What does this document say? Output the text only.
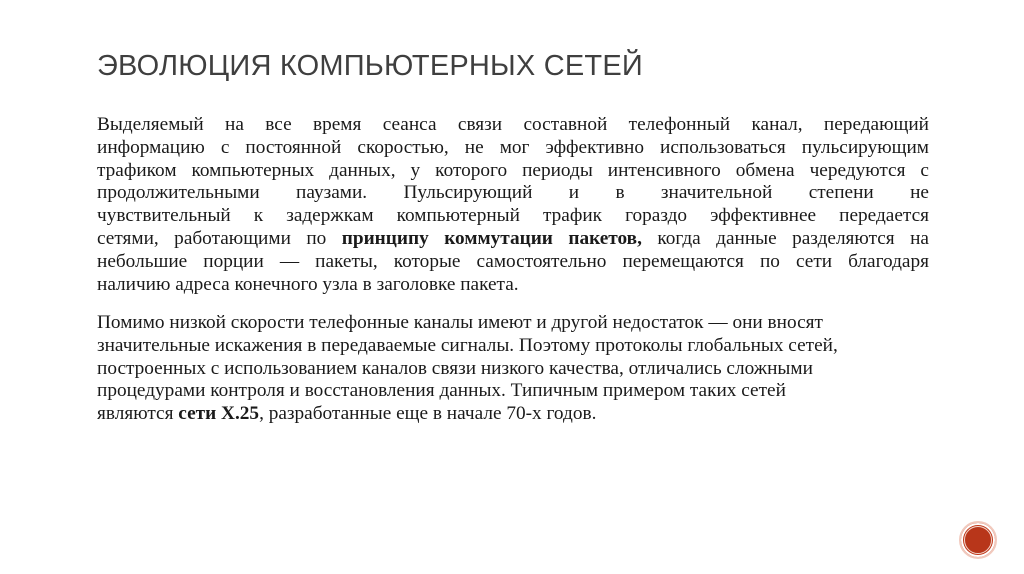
ЭВОЛЮЦИЯ КОМПЬЮТЕРНЫХ СЕТЕЙ
Выделяемый на все время сеанса связи составной телефонный канал, передающий
информацию с постоянной скоростью, не мог эффективно использоваться пульсирующим
трафиком компьютерных данных, у которого периоды интенсивного обмена чередуются с
продолжительными паузами. Пульсирующий и в значительной степени не
чувствительный к задержкам компьютерный трафик гораздо эффективнее передается
сетями, работающими по принципу коммутации пакетов, когда данные разделяются на
небольшие порции — пакеты, которые самостоятельно перемещаются по сети благодаря
наличию адреса конечного узла в заголовке пакета.
Помимо низкой скорости телефонные каналы имеют и другой недостаток — они вносят
значительные искажения в передаваемые сигналы. Поэтому протоколы глобальных сетей,
построенных с использованием каналов связи низкого качества, отличались сложными
процедурами контроля и восстановления данных. Типичным примером таких сетей
являются сети X.25, разработанные еще в начале 70-х годов.
